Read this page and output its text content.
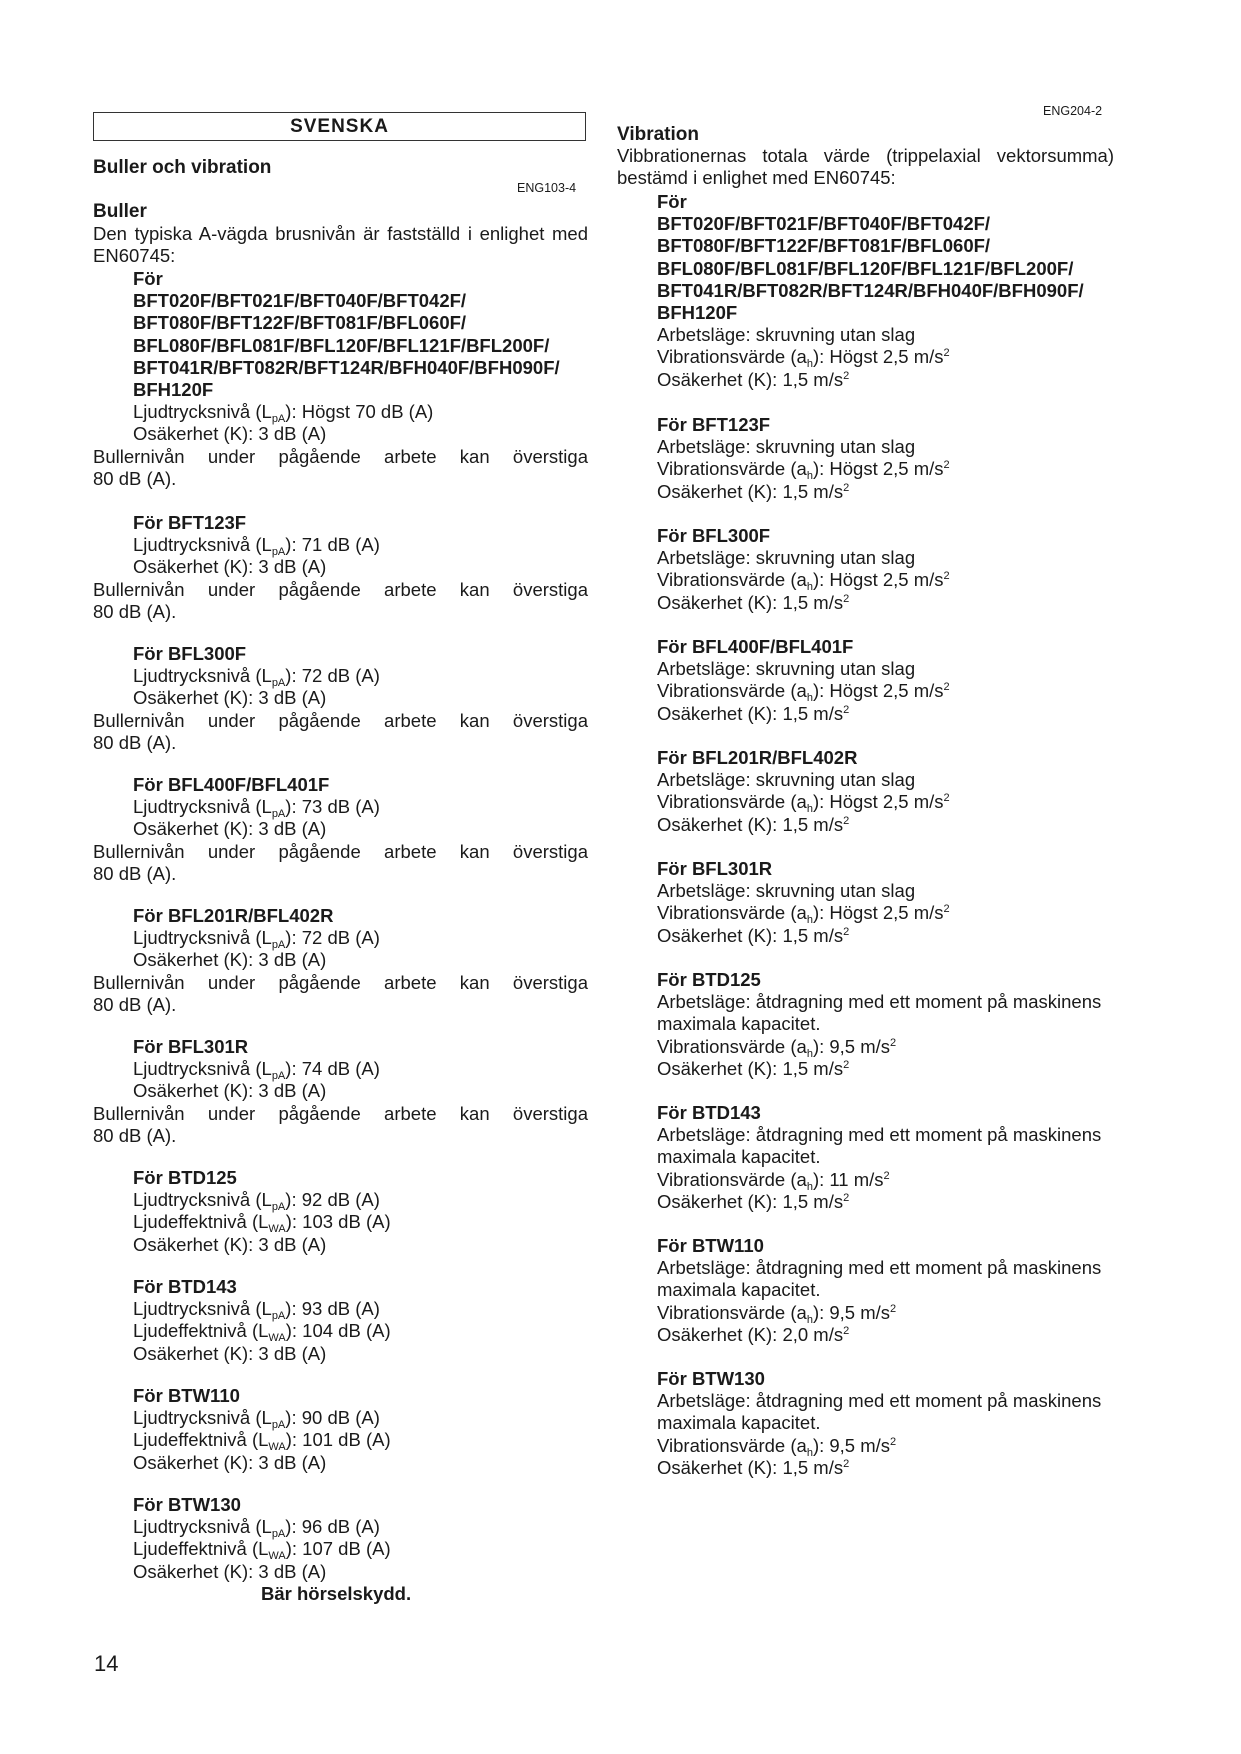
SVENSKA
Buller och vibration
ENG103-4
Buller
Den typiska A-vägda brusnivån är fastställd i enlighet med EN60745:
För
BFT020F/BFT021F/BFT040F/BFT042F/
BFT080F/BFT122F/BFT081F/BFL060F/
BFL080F/BFL081F/BFL120F/BFL121F/BFL200F/
BFT041R/BFT082R/BFT124R/BFH040F/BFH090F/
BFH120F
Ljudtrycksnivå $(L_{pA})$: Högst 70 dB (A)
Osäkerhet (K): 3 dB (A)
Bullernivån under pågående arbete kan överstiga
80 dB (A).
För BFT123F
Ljudtrycksnivå $(L_{pA})$: 71 dB (A)
Osäkerhet (K): 3 dB (A)
Bullernivån under pågående arbete kan överstiga
80 dB (A).
För BFL300F
Ljudtrycksnivå $(L_{pA})$: 72 dB (A)
Osäkerhet (K): 3 dB (A)
Bullernivån under pågående arbete kan överstiga
80 dB (A).
För BFL400F/BFL401F
Ljudtrycksnivå $(L_{pA})$: 73 dB (A)
Osäkerhet (K): 3 dB (A)
Bullernivån under pågående arbete kan överstiga
80 dB (A).
För BFL201R/BFL402R
Ljudtrycksnivå $(L_{pA})$: 72 dB (A)
Osäkerhet (K): 3 dB (A)
Bullernivån under pågående arbete kan överstiga
80 dB (A).
För BFL301R
Ljudtrycksnivå $(L_{pA})$: 74 dB (A)
Osäkerhet (K): 3 dB (A)
Bullernivån under pågående arbete kan överstiga
80 dB (A).
För BTD125
Ljudtrycksnivå $(L_{pA})$: 92 dB (A)
Ljudeffektnivå $(L_{WA})$: 103 dB (A)
Osäkerhet (K): 3 dB (A)
För BTD143
Ljudtrycksnivå $(L_{pA})$: 93 dB (A)
Ljudeffektnivå $(L_{WA})$: 104 dB (A)
Osäkerhet (K): 3 dB (A)
För BTW110
Ljudtrycksnivå $(L_{pA})$: 90 dB (A)
Ljudeffektnivå $(L_{WA})$: 101 dB (A)
Osäkerhet (K): 3 dB (A)
För BTW130
Ljudtrycksnivå $(L_{pA})$: 96 dB (A)
Ljudeffektnivå $(L_{WA})$: 107 dB (A)
Osäkerhet (K): 3 dB (A)
Bär hörselskydd.
ENG204-2
Vibration
Vibbrationernas totala värde (trippelaxial vektorsumma) bestämd i enlighet med EN60745:
För
BFT020F/BFT021F/BFT040F/BFT042F/
BFT080F/BFT122F/BFT081F/BFL060F/
BFL080F/BFL081F/BFL120F/BFL121F/BFL200F/
BFT041R/BFT082R/BFT124R/BFH040F/BFH090F/
BFH120F
Arbetsläge: skruvning utan slag
Vibrationsvärde $(a_h)$: Högst 2,5 $m/s^2$
Osäkerhet (K): 1,5 $m/s^2$
För BFT123F
Arbetsläge: skruvning utan slag
Vibrationsvärde $(a_h)$: Högst 2,5 $m/s^2$
Osäkerhet (K): 1,5 $m/s^2$
För BFL300F
Arbetsläge: skruvning utan slag
Vibrationsvärde $(a_h)$: Högst 2,5 $m/s^2$
Osäkerhet (K): 1,5 $m/s^2$
För BFL400F/BFL401F
Arbetsläge: skruvning utan slag
Vibrationsvärde $(a_h)$: Högst 2,5 $m/s^2$
Osäkerhet (K): 1,5 $m/s^2$
För BFL201R/BFL402R
Arbetsläge: skruvning utan slag
Vibrationsvärde $(a_h)$: Högst 2,5 $m/s^2$
Osäkerhet (K): 1,5 $m/s^2$
För BFL301R
Arbetsläge: skruvning utan slag
Vibrationsvärde $(a_h)$: Högst 2,5 $m/s^2$
Osäkerhet (K): 1,5 $m/s^2$
För BTD125
Arbetsläge: åtdragning med ett moment på maskinens
maximala kapacitet.
Vibrationsvärde $(a_h)$: 9,5 $m/s^2$
Osäkerhet (K): 1,5 $m/s^2$
För BTD143
Arbetsläge: åtdragning med ett moment på maskinens
maximala kapacitet.
Vibrationsvärde $(a_h)$: 11 $m/s^2$
Osäkerhet (K): 1,5 $m/s^2$
För BTW110
Arbetsläge: åtdragning med ett moment på maskinens
maximala kapacitet.
Vibrationsvärde $(a_h)$: 9,5 $m/s^2$
Osäkerhet (K): 2,0 $m/s^2$
För BTW130
Arbetsläge: åtdragning med ett moment på maskinens
maximala kapacitet.
Vibrationsvärde $(a_h)$: 9,5 $m/s^2$
Osäkerhet (K): 1,5 $m/s^2$
14
